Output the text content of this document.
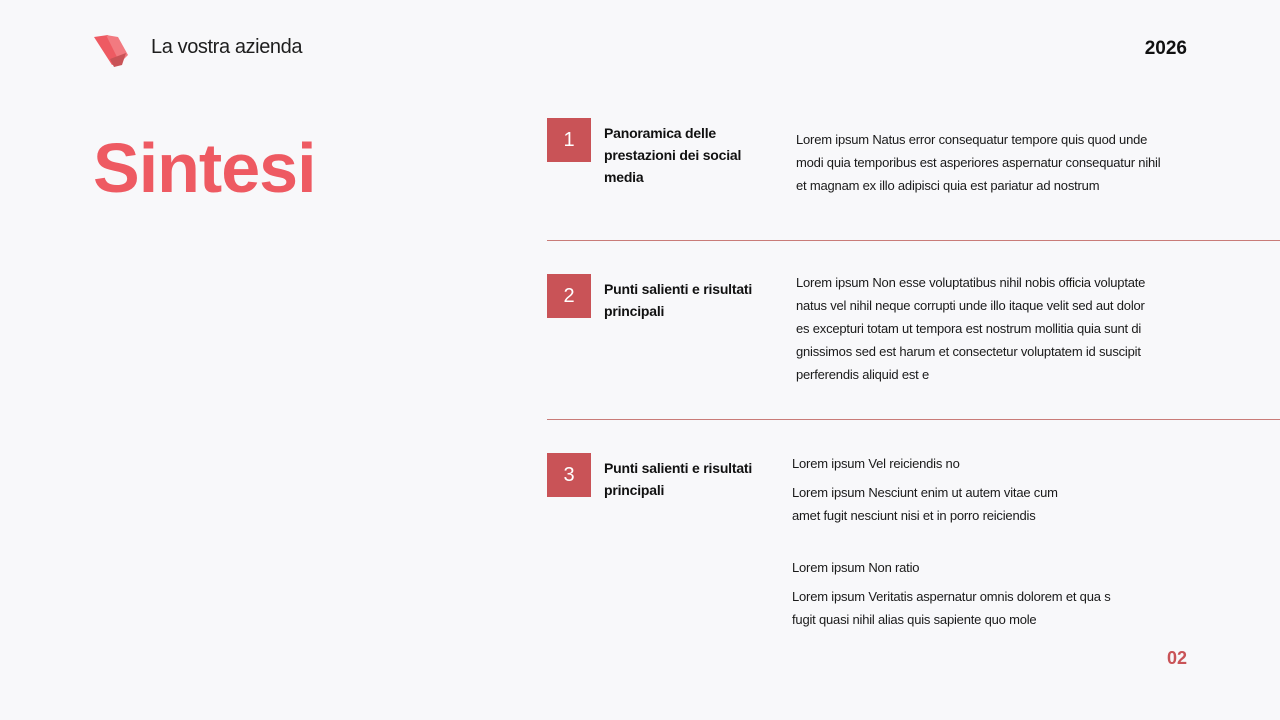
La vostra azienda	2026
Sintesi	1	Panoramica delle prestazioni dei social media
Lorem ipsum Natus error consequatur tempore quis quod unde modi quia temporibus est asperiores aspernatur consequatur nihil et magnam ex illo adipisci quia est pariatur ad nostrum
2	Punti salienti e risultati principali
Lorem ipsum Non esse voluptatibus nihil nobis officia voluptate natus vel nihil neque corrupti unde illo itaque velit sed aut dolor es excepturi totam ut tempora est nostrum mollitia quia sunt di gnissimos sed est harum et consectetur voluptatem id suscipit perferendis aliquid est e
3	Punti salienti e risultati principali
Lorem ipsum Vel reiciendis no
Lorem ipsum Nesciunt enim ut autem vitae cum amet fugit nesciunt nisi et in porro reiciendis
Lorem ipsum Non ratio
Lorem ipsum Veritatis aspernatur omnis dolorem et qua s fugit quasi nihil alias quis sapiente quo mole
02
